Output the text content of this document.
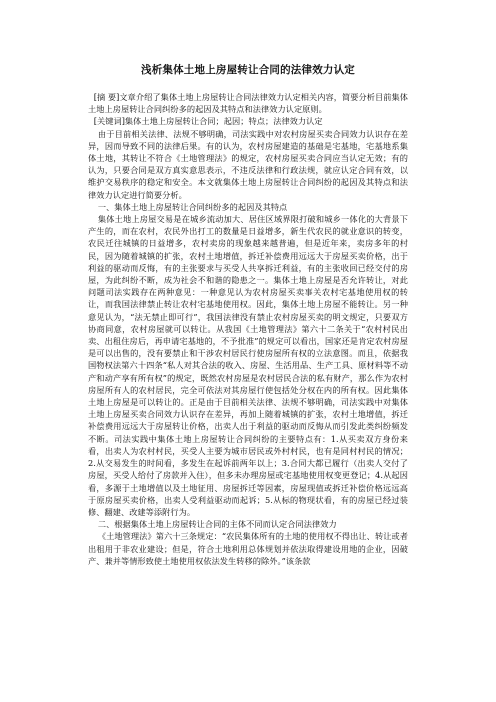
浅析集体土地上房屋转让合同的法律效力认定

[摘 要]文章介绍了集体土地上房屋转让合同法律效力认定相关内容，简要分析目前集体土地上房屋转让合同纠纷多的起因及其特点和法律效力认定原则。

[关键词]集体土地上房屋转让合同；起因；特点；法律效力认定

由于目前相关法律、法规不够明确，司法实践中对农村房屋买卖合同效力认识存在差异，因而导致不同的法律后果。有的认为，农村房屋建造的基础是宅基地，宅基地系集体土地，其转让不符合《土地管理法》的规定，农村房屋买卖合同应当认定无效；有的认为，只要合同是双方真实意思表示，不违反法律和行政法规，就应认定合同有效，以维护交易秩序的稳定和安全。本文就集体土地上房屋转让合同纠纷的起因及其特点和法律效力认定进行简要分析。

一、集体土地上房屋转让合同纠纷多的起因及其特点

集体土地上房屋交易是在城乡流动加大、居住区域界限打破和城乡一体化的大背景下产生的，而在农村，农民外出打工的数量是日益增多，新生代农民的就业意识的转变，农民迁往城镇的日益增多，农村卖房的现象越来越普遍，但是近年来，卖房多年的村民，因为随着城镇的扩张，农村土地增值，拆迁补偿费用远远大于房屋买卖价格，出于利益的驱动而反悔，有的主张要求与买受人共享拆迁利益，有的主张收回已经交付的房屋，为此纠纷不断，成为社会不和谐的隐患之一。集体土地上房屋是否允许转让，对此问题司法实践存在两种意见：一种意见认为农村房屋买卖事关农村宅基地使用权的转让，而我国法律禁止转让农村宅基地使用权。因此，集体土地上房屋不能转让。另一种意见认为，“法无禁止即可行”，我国法律没有禁止农村房屋买卖的明文规定，只要双方协商同意，农村房屋就可以转让。从我国《土地管理法》第六十二条关于“农村村民出卖、出租住房后，再申请宅基地的，不予批准”的规定可以看出，国家还是肯定农村房屋是可以出售的，没有要禁止和干涉农村居民行使房屋所有权的立法意图。而且，依据我国物权法第六十四条“私人对其合法的收入、房屋、生活用品、生产工具、原材料等不动产和动产享有所有权”的规定，既然农村房屋是农村居民合法的私有财产，那么作为农村房屋所有人的农村居民，完全可依法对其房屋行使包括处分权在内的所有权。因此集体土地上房屋是可以转让的。正是由于目前相关法律、法规不够明确，司法实践中对集体土地上房屋买卖合同效力认识存在差异，再加上随着城镇的扩张，农村土地增值，拆迁补偿费用远远大于房屋转让价格，出卖人出于利益的驱动而反悔从而引发此类纠纷频发不断。司法实践中集体土地上房屋转让合同纠纷的主要特点有：1.从买卖双方身份来看，出卖人为农村村民，买受人主要为城市居民或外村村民，也有是同村村民的情况；2.从交易发生的时间看，多发生在起诉前两年以上；3.合同大都已履行（出卖人交付了房屋，买受人给付了房款并入住），但多未办理房屋或宅基地使用权变更登记；4.从起因看，多源于土地增值以及土地征用、房屋拆迁等因素，房屋现值或拆迁补偿价格远远高于原房屋买卖价格，出卖人受利益驱动而起诉；5.从标的物现状看，有的房屋已经过装修、翻建、改建等添附行为。

二、根据集体土地上房屋转让合同的主体不同而认定合同法律效力

《土地管理法》第六十三条规定：“农民集体所有的土地的使用权不得出让、转让或者出租用于非农业建设；但是，符合土地利用总体规划并依法取得建设用地的企业，因破产、兼并等情形致使土地使用权依法发生转移的除外。”该条款
